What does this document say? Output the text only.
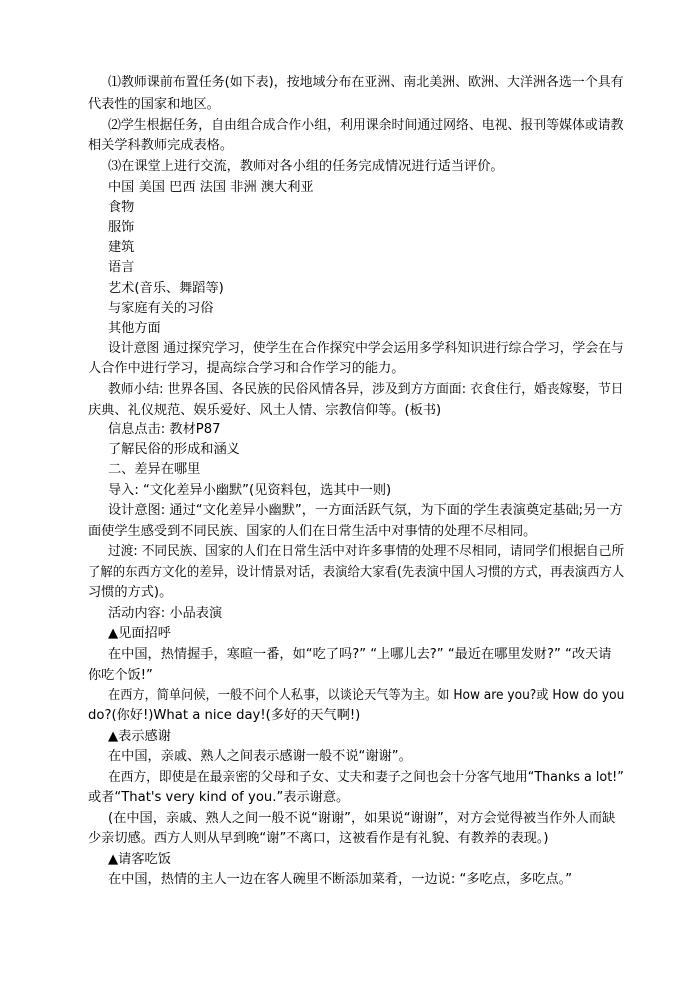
⑴教师课前布置任务(如下表)，按地域分布在亚洲、南北美洲、欧洲、大洋洲各选一个具有
代表性的国家和地区。
⑵学生根据任务，自由组合成合作小组，利用课余时间通过网络、电视、报刊等媒体或请教
相关学科教师完成表格。
⑶在课堂上进行交流，教师对各小组的任务完成情况进行适当评价。
中国 美国 巴西 法国 非洲 澳大利亚
食物
服饰
建筑
语言
艺术(音乐、舞蹈等)
与家庭有关的习俗
其他方面
设计意图 通过探究学习，使学生在合作探究中学会运用多学科知识进行综合学习，学会在与
人合作中进行学习，提高综合学习和合作学习的能力。
教师小结: 世界各国、各民族的民俗风情各异，涉及到方方面面: 衣食住行，婚丧嫁娶，节日
庆典、礼仪规范、娱乐爱好、风土人情、宗教信仰等。(板书)
信息点击: 教材P87
了解民俗的形成和涵义
二、差异在哪里
导入: “文化差异小幽默”(见资料包，选其中一则)
设计意图: 通过“文化差异小幽默”，一方面活跃气氛，为下面的学生表演奠定基础;另一方
面使学生感受到不同民族、国家的人们在日常生活中对事情的处理不尽相同。
过渡: 不同民族、国家的人们在日常生活中对许多事情的处理不尽相同，请同学们根据自己所
了解的东西方文化的差异，设计情景对话，表演给大家看(先表演中国人习惯的方式，再表演西方人
习惯的方式)。
活动内容: 小品表演
▲见面招呼
在中国，热情握手，寒暄一番，如“吃了吗?” “上哪儿去?” “最近在哪里发财?” “改天请
你吃个饭!”
在西方，简单问候，一般不问个人私事，以谈论天气等为主。如 How are you?或 How do you
do?(你好!)What a nice day!(多好的天气啊!)
▲表示感谢
在中国，亲戚、熟人之间表示感谢一般不说“谢谢”。
在西方，即使是在最亲密的父母和子女、丈夫和妻子之间也会十分客气地用“Thanks a lot!”
或者“That's very kind of you.”表示谢意。
(在中国，亲戚、熟人之间一般不说“谢谢”，如果说“谢谢”，对方会觉得被当作外人而缺
少亲切感。西方人则从早到晚“谢”不离口，这被看作是有礼貌、有教养的表现。)
▲请客吃饭
在中国，热情的主人一边在客人碗里不断添加菜肴，一边说: “多吃点，多吃点。”
